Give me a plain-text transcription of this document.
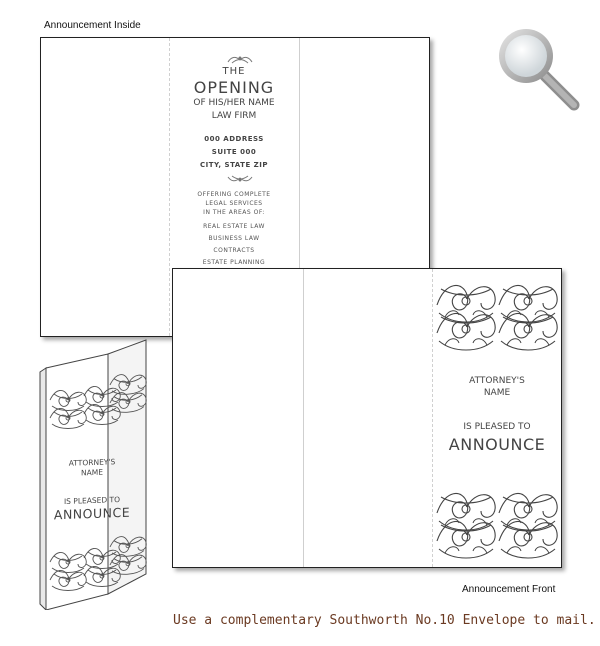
Announcement Inside
THE
OPENING
OF HIS/HER NAME
LAW FIRM
000 ADDRESS
SUITE 000
CITY, STATE ZIP
OFFERING COMPLETE
LEGAL SERVICES
IN THE AREAS OF:
REAL ESTATE LAW
BUSINESS LAW
CONTRACTS
ESTATE PLANNING
ATTORNEY'S
NAME
IS PLEASED TO
ANNOUNCE
ATTORNEY'S
NAME
IS PLEASED TO
ANNOUNCE
Announcement Front
Use a complementary Southworth No.10 Envelope to mail.
